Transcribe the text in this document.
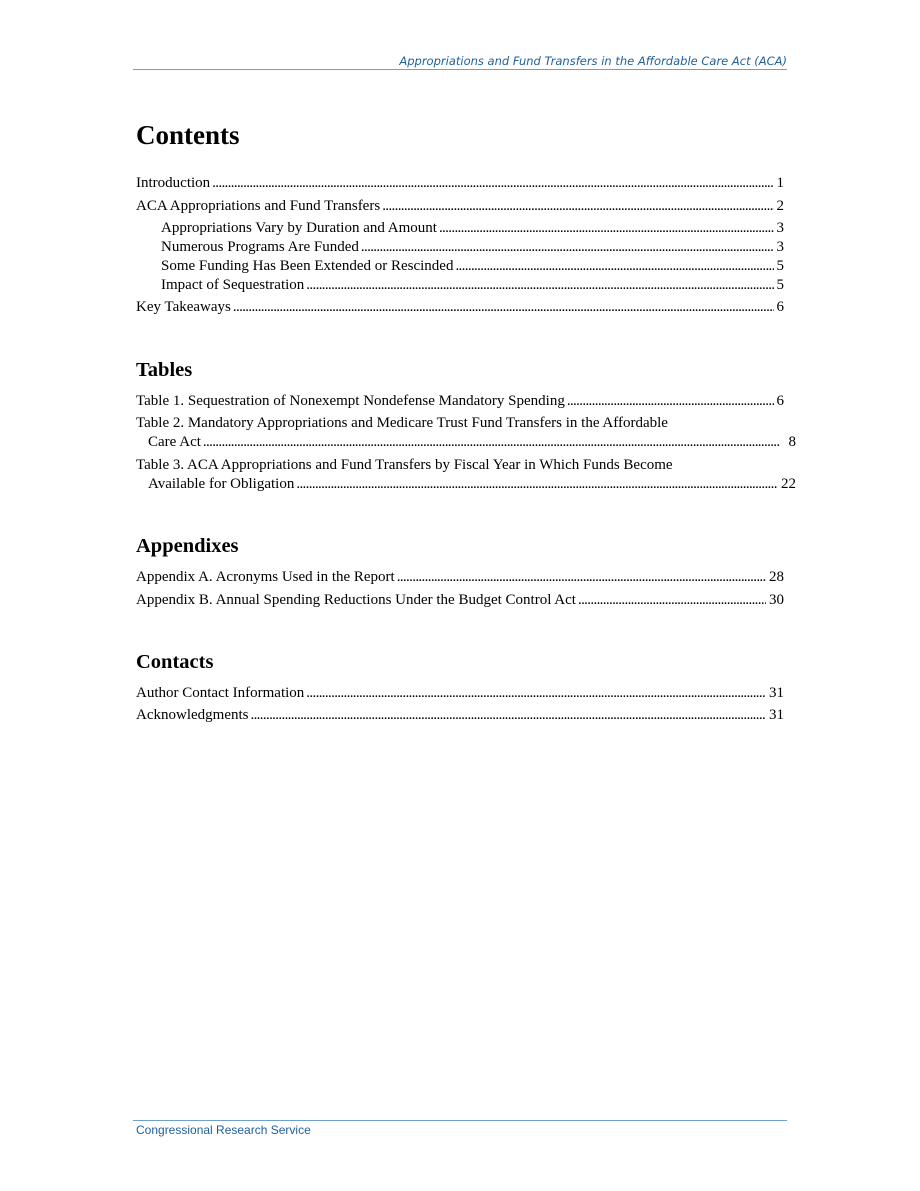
Appropriations and Fund Transfers in the Affordable Care Act (ACA)
Contents
Introduction . . .	1
ACA Appropriations and Fund Transfers . . .	2
Appropriations Vary by Duration and Amount . . .	3
Numerous Programs Are Funded . . .	3
Some Funding Has Been Extended or Rescinded . . .	5
Impact of Sequestration . . .	5
Key Takeaways . . .	6
Tables
Table 1. Sequestration of Nonexempt Nondefense Mandatory Spending . . .	6
Table 2. Mandatory Appropriations and Medicare Trust Fund Transfers in the Affordable
Care Act . . .	8
Table 3. ACA Appropriations and Fund Transfers by Fiscal Year in Which Funds Become
Available for Obligation . . .	22
Appendixes
Appendix A. Acronyms Used in the Report . . .	28
Appendix B. Annual Spending Reductions Under the Budget Control Act . . .	30
Contacts
Author Contact Information . . .	31
Acknowledgments . . .	31
Congressional Research Service
